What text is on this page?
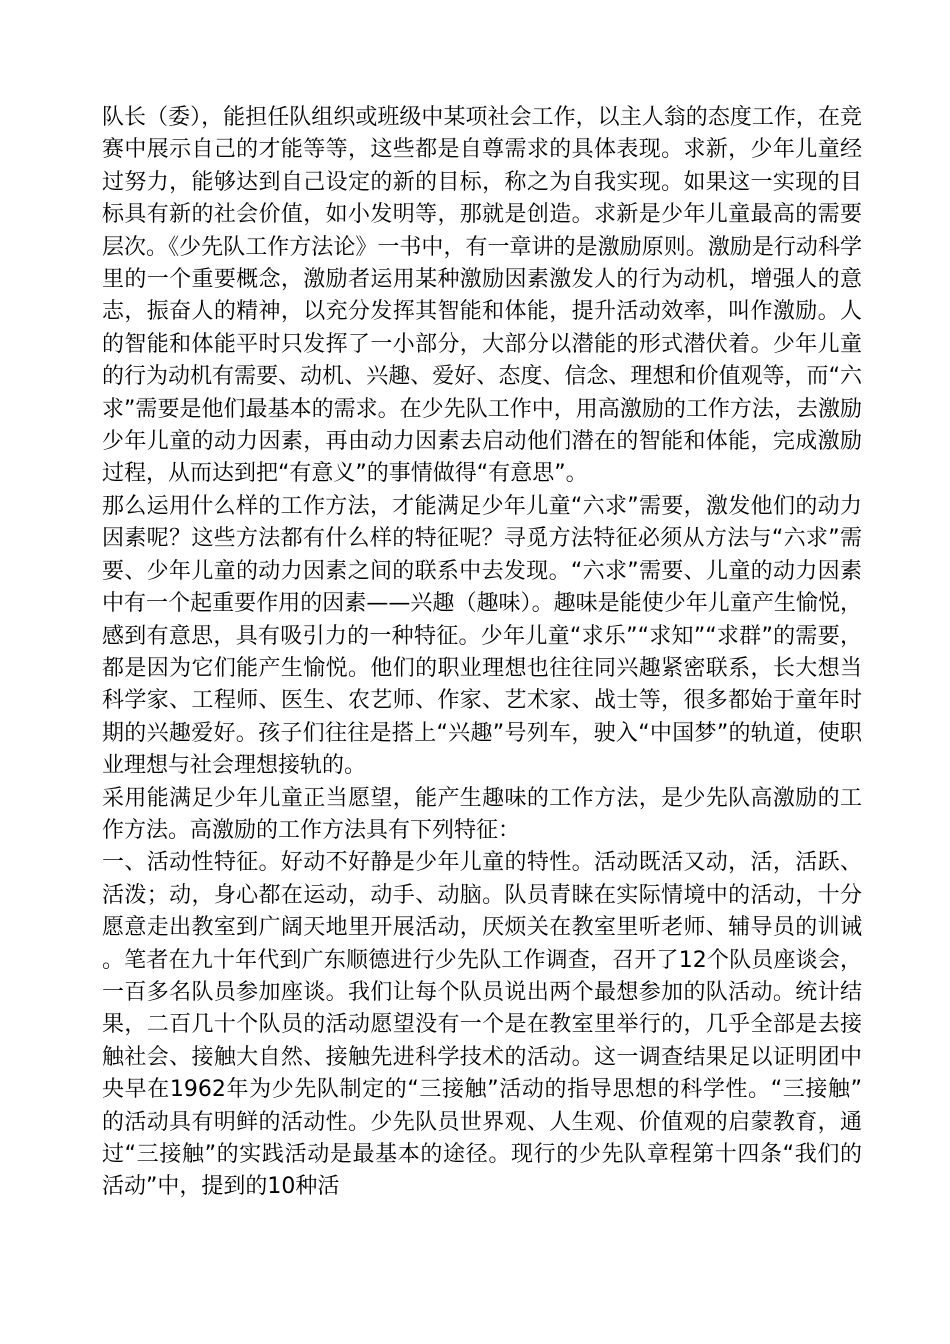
队长（委），能担任队组织或班级中某项社会工作，以主人翁的态度工作，在竞赛中展示自己的才能等等，这些都是自尊需求的具体表现。求新，少年儿童经过努力，能够达到自己设定的新的目标，称之为自我实现。如果这一实现的目标具有新的社会价值，如小发明等，那就是创造。求新是少年儿童最高的需要层次。《少先队工作方法论》一书中，有一章讲的是激励原则。激励是行动科学里的一个重要概念，激励者运用某种激励因素激发人的行为动机，增强人的意志，振奋人的精神，以充分发挥其智能和体能，提升活动效率，叫作激励。人的智能和体能平时只发挥了一小部分，大部分以潜能的形式潜伏着。少年儿童的行为动机有需要、动机、兴趣、爱好、态度、信念、理想和价值观等，而“六求”需要是他们最基本的需求。在少先队工作中，用高激励的工作方法，去激励少年儿童的动力因素，再由动力因素去启动他们潜在的智能和体能，完成激励过程，从而达到把“有意义”的事情做得“有意思”。

那么运用什么样的工作方法，才能满足少年儿童“六求”需要，激发他们的动力因素呢？这些方法都有什么样的特征呢？寻觅方法特征必须从方法与“六求”需要、少年儿童的动力因素之间的联系中去发现。“六求”需要、儿童的动力因素中有一个起重要作用的因素——兴趣（趣味）。趣味是能使少年儿童产生愉悦，感到有意思，具有吸引力的一种特征。少年儿童“求乐”“求知”“求群”的需要，都是因为它们能产生愉悦。他们的职业理想也往往同兴趣紧密联系，长大想当科学家、工程师、医生、农艺师、作家、艺术家、战士等，很多都始于童年时期的兴趣爱好。孩子们往往是搭上“兴趣”号列车，驶入“中国梦”的轨道，使职业理想与社会理想接轨的。

采用能满足少年儿童正当愿望，能产生趣味的工作方法，是少先队高激励的工作方法。高激励的工作方法具有下列特征：

一、活动性特征。好动不好静是少年儿童的特性。活动既活又动，活，活跃、活泼；动，身心都在运动，动手、动脑。队员青睐在实际情境中的活动，十分愿意走出教室到广阔天地里开展活动，厌烦关在教室里听老师、辅导员的训诫。笔者在九十年代到广东顺德进行少先队工作调查，召开了12个队员座谈会，一百多名队员参加座谈。我们让每个队员说出两个最想参加的队活动。统计结果，二百几十个队员的活动愿望没有一个是在教室里举行的，几乎全部是去接触社会、接触大自然、接触先进科学技术的活动。这一调查结果足以证明团中央早在1962年为少先队制定的“三接触”活动的指导思想的科学性。“三接触”的活动具有明鲜的活动性。少先队员世界观、人生观、价值观的启蒙教育，通过“三接触”的实践活动是最基本的途径。现行的少先队章程第十四条“我们的活动”中，提到的10种活
